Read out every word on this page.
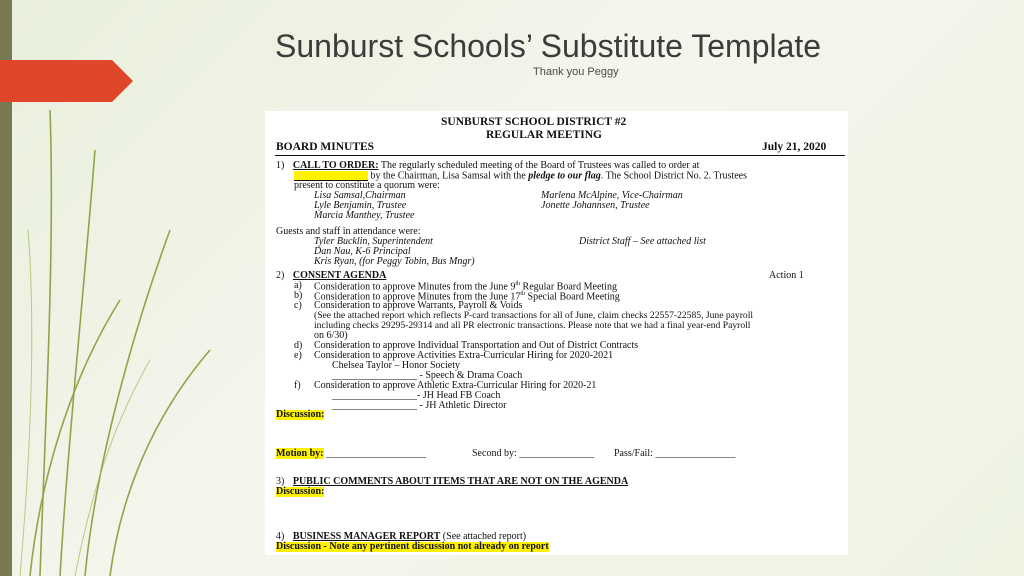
Sunburst Schools’ Substitute Template
Thank you Peggy
SUNBURST SCHOOL DISTRICT #2
REGULAR MEETING
BOARD MINUTES	July 21, 2020
1) CALL TO ORDER: The regularly scheduled meeting of the Board of Trustees was called to order at
by the Chairman, Lisa Samsal with the pledge to our flag. The School District No. 2. Trustees
present to constitute a quorum were:
Lisa Samsal,Chairman	Marlena McAlpine, Vice-Chairman
Lyle Benjamin, Trustee	Jonette Johannsen, Trustee
Marcia Manthey, Trustee
Guests and staff in attendance were:
Tyler Bucklin, Superintendent	District Staff – See attached list
Dan Nau, K-6 Principal
Kris Ryan, (for Peggy Tobin, Bus Mngr)
2) CONSENT AGENDA	Action 1
a) Consideration to approve Minutes from the June 9th Regular Board Meeting
b) Consideration to approve Minutes from the June 17th Special Board Meeting
c) Consideration to approve Warrants, Payroll & Voids
(See the attached report which reflects P-card transactions for all of June, claim checks 22557-22585, June payroll
including checks 29295-29314 and all PR electronic transactions. Please note that we had a final year-end Payroll
on 6/30)
d) Consideration to approve Individual Transportation and Out of District Contracts
e) Consideration to approve Activities Extra-Curricular Hiring for 2020-2021
Chelsea Taylor – Honor Society
_________________ - Speech & Drama Coach
f) Consideration to approve Athletic Extra-Curricular Hiring for 2020-21
_________________- JH Head FB Coach
_________________ - JH Athletic Director
Discussion:
Motion by: ____________________	Second by: _______________ Pass/Fail: ________________
3) PUBLIC COMMENTS ABOUT ITEMS THAT ARE NOT ON THE AGENDA
Discussion:
4) BUSINESS MANAGER REPORT (See attached report)
Discussion - Note any pertinent discussion not already on report
